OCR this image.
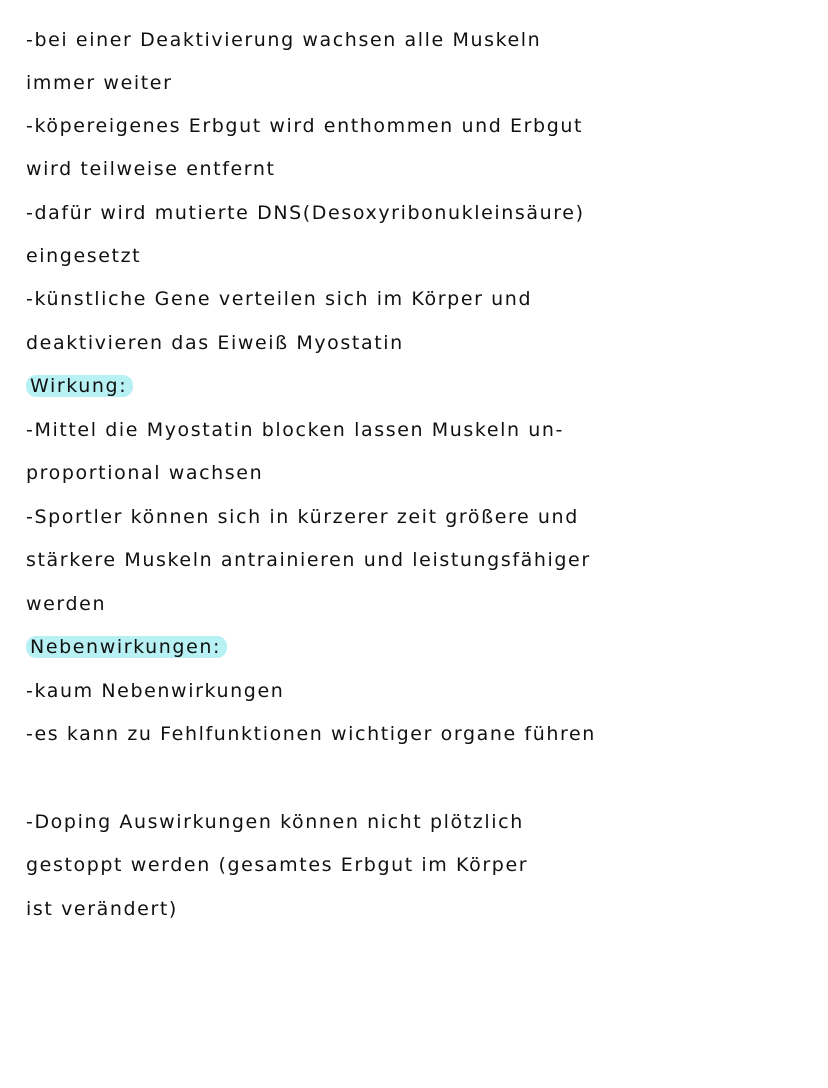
-bei einer Deaktivierung wachsen alle Muskeln
immer weiter
-köpereigenes Erbgut wird enthommen und Erbgut
wird teilweise entfernt
-dafür wird mutierte DNS(Desoxyribonukleinsäure)
eingesetzt
-künstliche Gene verteilen sich im Körper und
deaktivieren das Eiweiß Myostatin
Wirkung:
-Mittel die Myostatin blocken lassen Muskeln un-
proportional wachsen
-Sportler können sich in kürzerer zeit größere und
stärkere Muskeln antrainieren und leistungsfähiger
werden
Nebenwirkungen:
-kaum Nebenwirkungen
-es kann zu Fehlfunktionen wichtiger organe führen
-Doping Auswirkungen können nicht plötzlich
gestoppt werden (gesamtes Erbgut im Körper
ist verändert)
